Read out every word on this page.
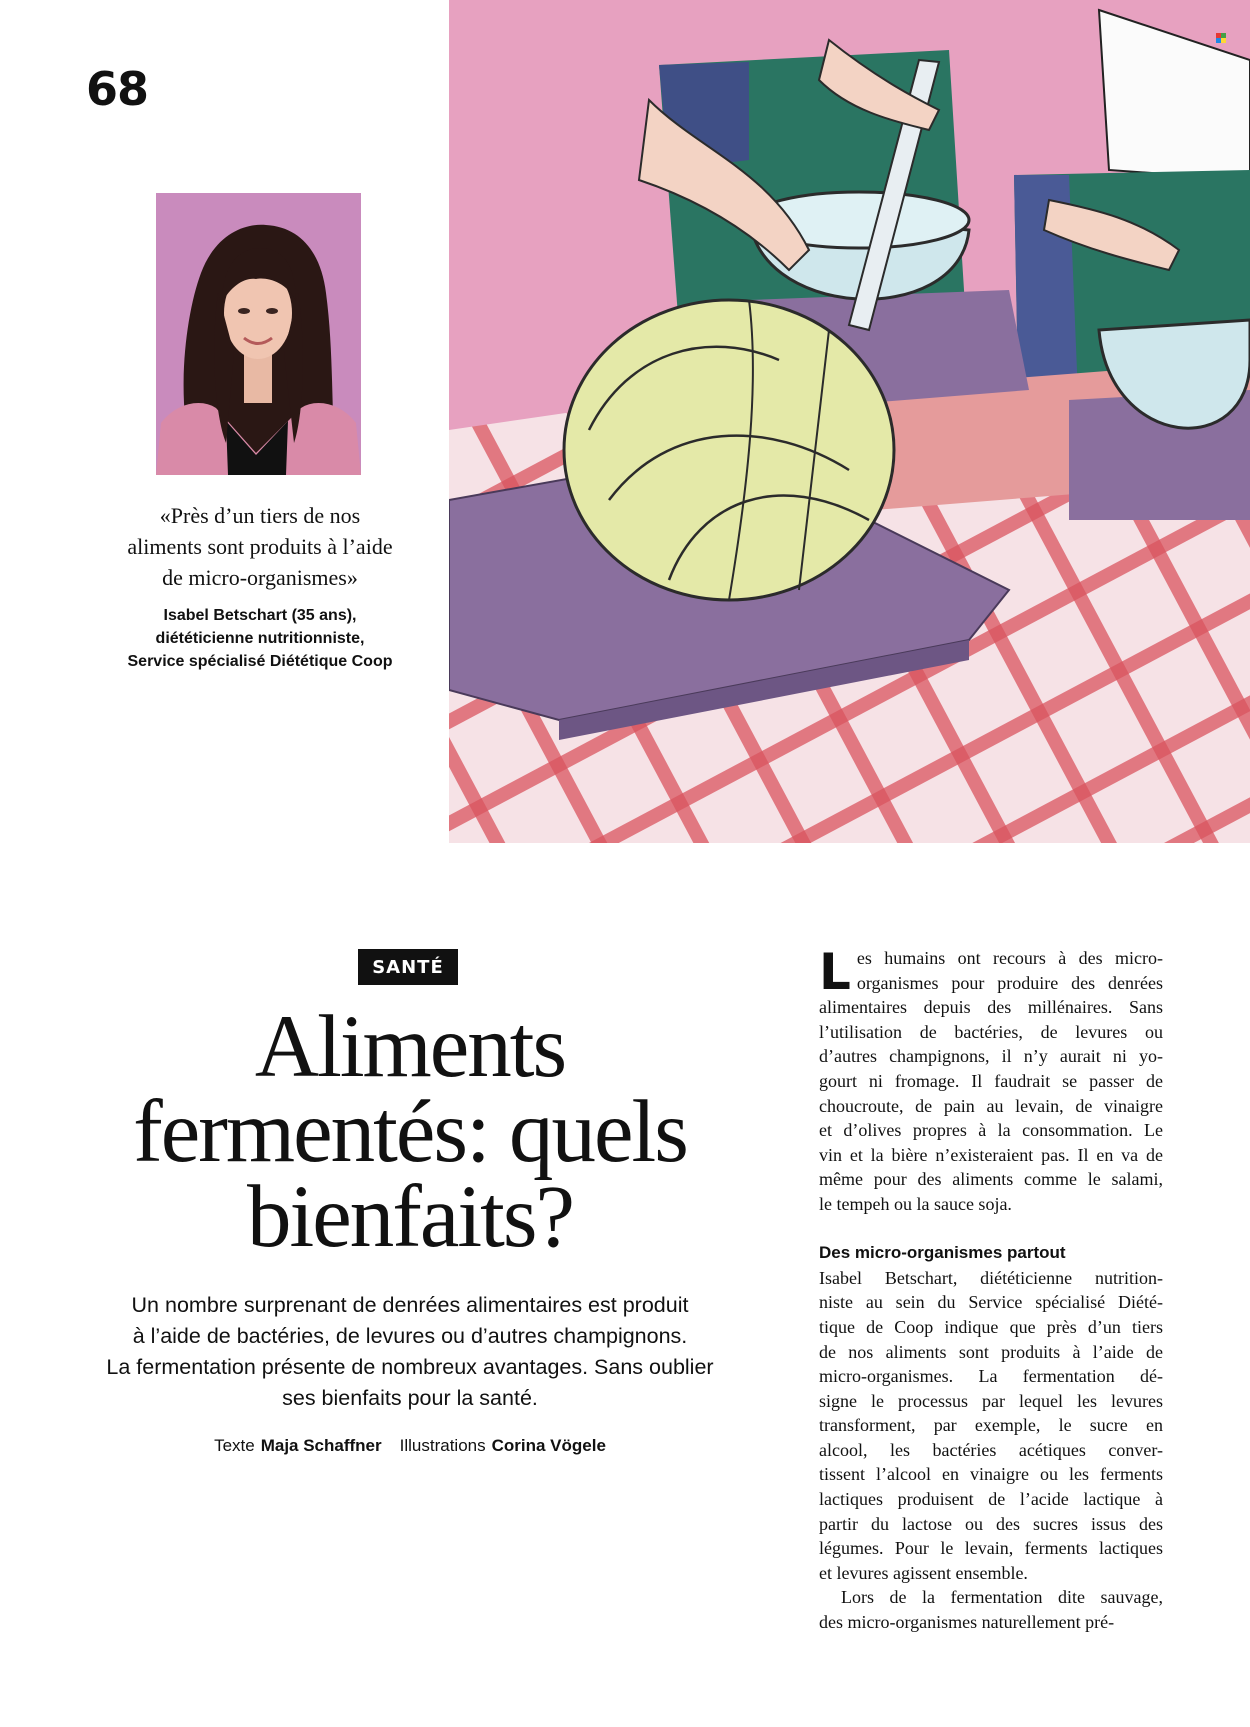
68
«Près d’un tiers de nos
aliments sont produits à l’aide
de micro-organismes»
Isabel Betschart (35 ans),
diététicienne nutritionniste,
Service spécialisé Diététique Coop
SANTÉ
Aliments
fermentés: quels
bienfaits?
Un nombre surprenant de denrées alimentaires est produit
à l’aide de bactéries, de levures ou d’autres champignons.
La fermentation présente de nombreux avantages. Sans oublier
ses bienfaits pour la santé.
Texte Maja Schaffner Illustrations Corina Vögele
L es humains ont recours à des micro-
organismes pour produire des denrées
alimentaires depuis des millénaires. Sans
l’utilisation de bactéries, de levures ou
d’autres champignons, il n’y aurait ni yo-
gourt ni fromage. Il faudrait se passer de
choucroute, de pain au levain, de vinaigre
et d’olives propres à la consommation. Le
vin et la bière n’existeraient pas. Il en va de
même pour des aliments comme le salami,
le tempeh ou la sauce soja.
Des micro-organismes partout
Isabel Betschart, diététicienne nutrition-
niste au sein du Service spécialisé Diété-
tique de Coop indique que près d’un tiers
de nos aliments sont produits à l’aide de
micro-organismes. La fermentation dé-
signe le processus par lequel les levures
transforment, par exemple, le sucre en
alcool, les bactéries acétiques conver-
tissent l’alcool en vinaigre ou les ferments
lactiques produisent de l’acide lactique à
partir du lactose ou des sucres issus des
légumes. Pour le levain, ferments lactiques
et levures agissent ensemble.
Lors de la fermentation dite sauvage,
des micro-organismes naturellement pré-
